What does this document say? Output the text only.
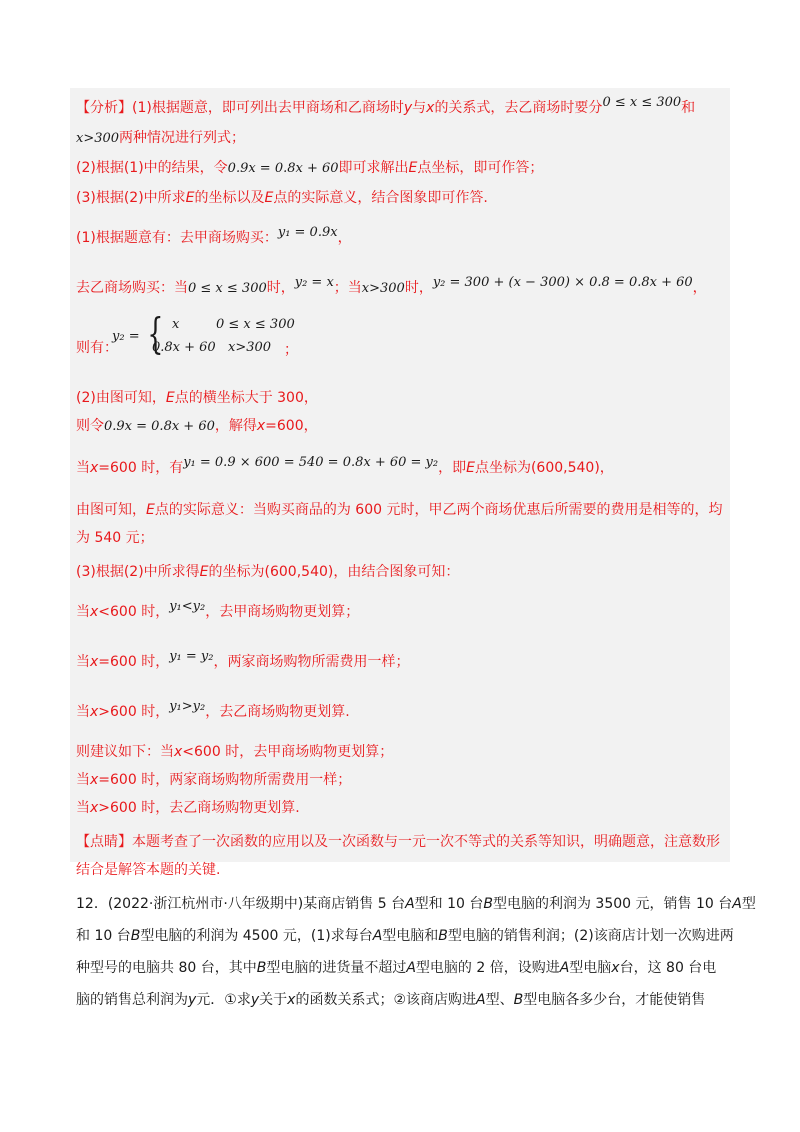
【分析】(1)根据题意，即可列出去甲商场和乙商场时y与x的关系式，去乙商场时要分0 ≤ x ≤ 300和
x>300两种情况进行列式；
(2)根据(1)中的结果，令0.9x = 0.8x + 60即可求解出E点坐标，即可作答；
(3)根据(2)中所求E的坐标以及E点的实际意义，结合图象即可作答.
(1)根据题意有：去甲商场购买：y₁ = 0.9x，
去乙商场购买：当0 ≤ x ≤ 300时，y₂ = x；当x>300时，y₂ = 300 + (x − 300) × 0.8 = 0.8x + 60，
则有：
y₂ = { x	0 ≤ x ≤ 300
0.8x + 60 x>300 ；
(2)由图可知，E点的横坐标大于 300，
则令0.9x = 0.8x + 60，解得x=600，
当x=600 时，有y₁ = 0.9 × 600 = 540 = 0.8x + 60 = y₂，即E点坐标为(600,540)，
由图可知，E点的实际意义：当购买商品的为 600 元时，甲乙两个商场优惠后所需要的费用是相等的，均
为 540 元；
(3)根据(2)中所求得E的坐标为(600,540)，由结合图象可知：
当x<600 时，y₁<y₂，去甲商场购物更划算；
当x=600 时，y₁ = y₂，两家商场购物所需费用一样；
当x>600 时，y₁>y₂，去乙商场购物更划算.
则建议如下：当x<600 时，去甲商场购物更划算；
当x=600 时，两家商场购物所需费用一样；
当x>600 时，去乙商场购物更划算.
【点睛】本题考查了一次函数的应用以及一次函数与一元一次不等式的关系等知识，明确题意，注意数形
结合是解答本题的关键.
12．(2022·浙江杭州市·八年级期中)某商店销售 5 台A型和 10 台B型电脑的利润为 3500 元，销售 10 台A型
和 10 台B型电脑的利润为 4500 元，(1)求每台A型电脑和B型电脑的销售利润；(2)该商店计划一次购进两
种型号的电脑共 80 台，其中B型电脑的进货量不超过A型电脑的 2 倍，设购进A型电脑x台，这 80 台电
脑的销售总利润为y元．①求y关于x的函数关系式；②该商店购进A型、B型电脑各多少台，才能使销售
